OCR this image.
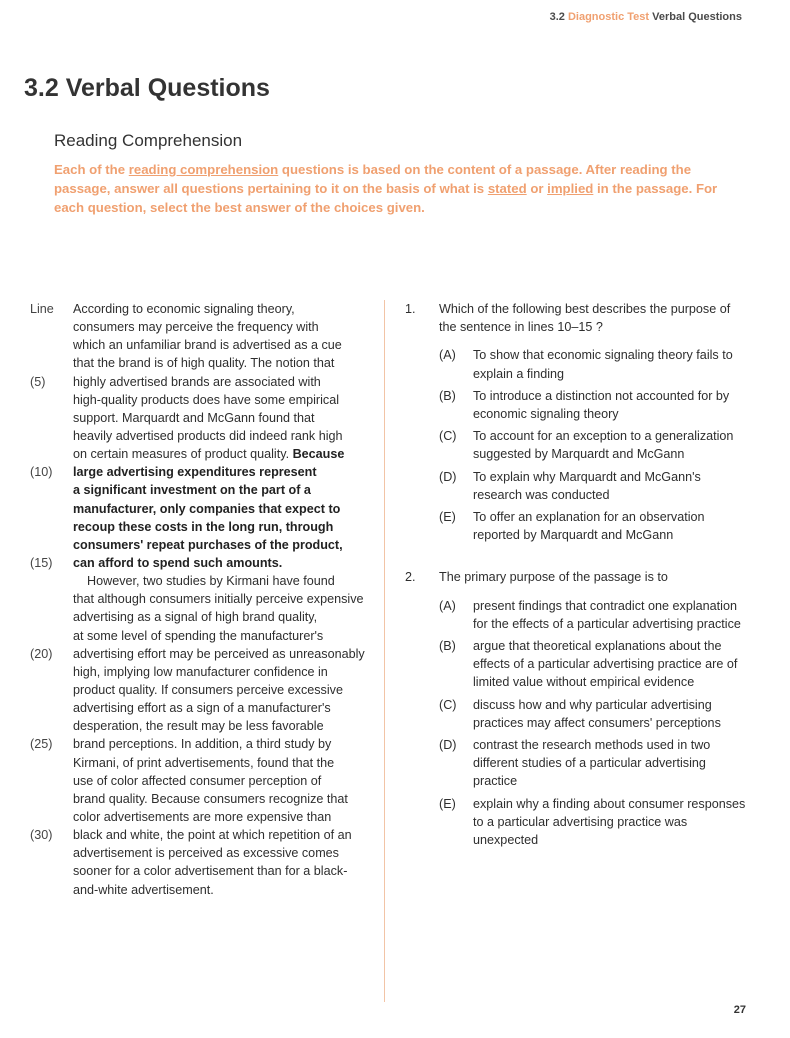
3.2 Diagnostic Test Verbal Questions
3.2 Verbal Questions
Reading Comprehension

Each of the reading comprehension questions is based on the content of a passage. After reading the passage, answer all questions pertaining to it on the basis of what is stated or implied in the passage. For each question, select the best answer of the choices given.

Line	According to economic signaling theory,
consumers may perceive the frequency with
which an unfamiliar brand is advertised as a cue
that the brand is of high quality. The notion that
(5)	highly advertised brands are associated with
high-quality products does have some empirical
support. Marquardt and McGann found that
heavily advertised products did indeed rank high
on certain measures of product quality. Because
(10)	large advertising expenditures represent
a significant investment on the part of a
manufacturer, only companies that expect to
recoup these costs in the long run, through
consumers' repeat purchases of the product,
(15)	can afford to spend such amounts.
However, two studies by Kirmani have found
that although consumers initially perceive expensive
advertising as a signal of high brand quality,
at some level of spending the manufacturer's
(20)	advertising effort may be perceived as unreasonably
high, implying low manufacturer confidence in
product quality. If consumers perceive excessive
advertising effort as a sign of a manufacturer's
desperation, the result may be less favorable
(25)	brand perceptions. In addition, a third study by
Kirmani, of print advertisements, found that the
use of color affected consumer perception of
brand quality. Because consumers recognize that
color advertisements are more expensive than
(30)	black and white, the point at which repetition of an
advertisement is perceived as excessive comes
sooner for a color advertisement than for a black-
and-white advertisement.
1. Which of the following best describes the purpose of the sentence in lines 10–15 ?
(A) To show that economic signaling theory fails to explain a finding
(B) To introduce a distinction not accounted for by economic signaling theory
(C) To account for an exception to a generalization suggested by Marquardt and McGann
(D) To explain why Marquardt and McGann's research was conducted
(E) To offer an explanation for an observation reported by Marquardt and McGann
2. The primary purpose of the passage is to
(A) present findings that contradict one explanation for the effects of a particular advertising practice
(B) argue that theoretical explanations about the effects of a particular advertising practice are of limited value without empirical evidence
(C) discuss how and why particular advertising practices may affect consumers' perceptions
(D) contrast the research methods used in two different studies of a particular advertising practice
(E) explain why a finding about consumer responses to a particular advertising practice was unexpected
27
